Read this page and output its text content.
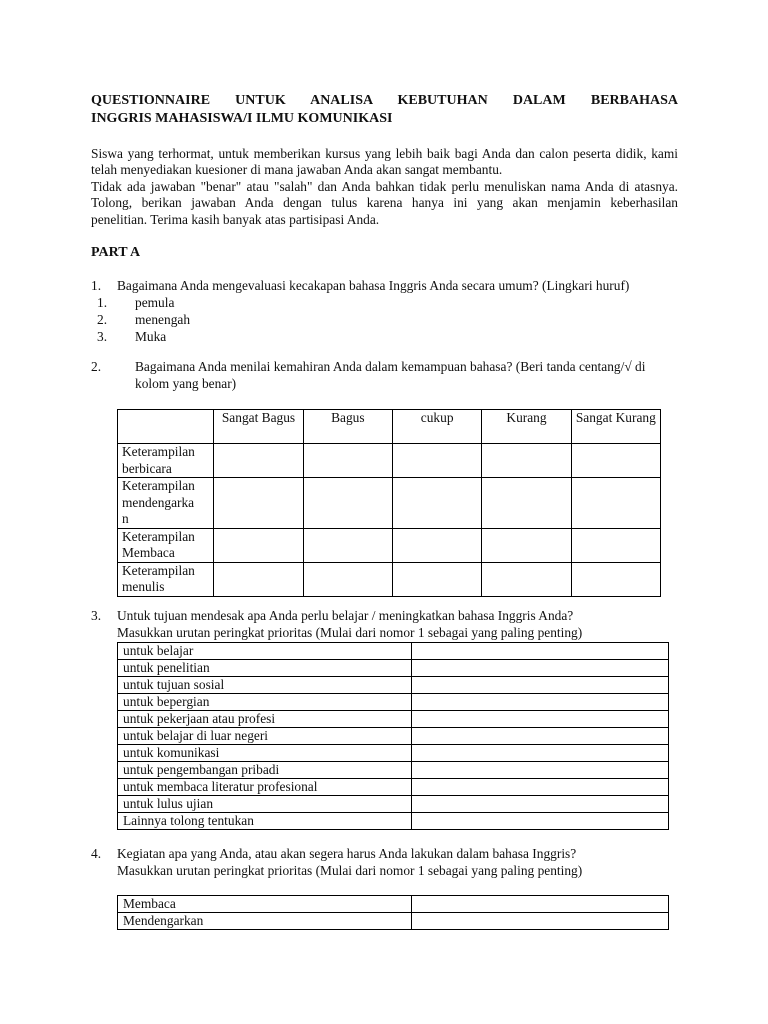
QUESTIONNAIRE UNTUK ANALISA KEBUTUHAN DALAM BERBAHASA
INGGRIS MAHASISWA/I ILMU KOMUNIKASI

Siswa yang terhormat, untuk memberikan kursus yang lebih baik bagi Anda dan calon peserta didik, kami

telah menyediakan kuesioner di mana jawaban Anda akan sangat membantu.

Tidak ada jawaban "benar" atau "salah" dan Anda bahkan tidak perlu menuliskan nama Anda di atasnya.

Tolong, berikan jawaban Anda dengan tulus karena hanya ini yang akan menjamin keberhasilan

penelitian. Terima kasih banyak atas partisipasi Anda.

PART A
1. Bagaimana Anda mengevaluasi kecakapan bahasa Inggris Anda secara umum? (Lingkari huruf)
1.	pemula
2.	menengah
3.	Muka
2.	Bagaimana Anda menilai kemahiran Anda dalam kemampuan bahasa? (Beri tanda centang/√ di
kolom yang benar)
	Sangat Bagus	Bagus	cukup	Kurang	Sangat Kurang

Keterampilan
berbicara					

Keterampilan
mendengarka
n					

Keterampilan
Membaca					

Keterampilan
menulis					

3.	Untuk tujuan mendesak apa Anda perlu belajar / meningkatkan bahasa Inggris Anda?
Masukkan urutan peringkat prioritas (Mulai dari nomor 1 sebagai yang paling penting)
untuk belajar	
untuk penelitian	
untuk tujuan sosial	
untuk bepergian	
untuk pekerjaan atau profesi	
untuk belajar di luar negeri	
untuk komunikasi	
untuk pengembangan pribadi	
untuk membaca literatur profesional	
untuk lulus ujian	
Lainnya tolong tentukan	
4.	Kegiatan apa yang Anda, atau akan segera harus Anda lakukan dalam bahasa Inggris?
Masukkan urutan peringkat prioritas (Mulai dari nomor 1 sebagai yang paling penting)
Membaca	
Mendengarkan	
